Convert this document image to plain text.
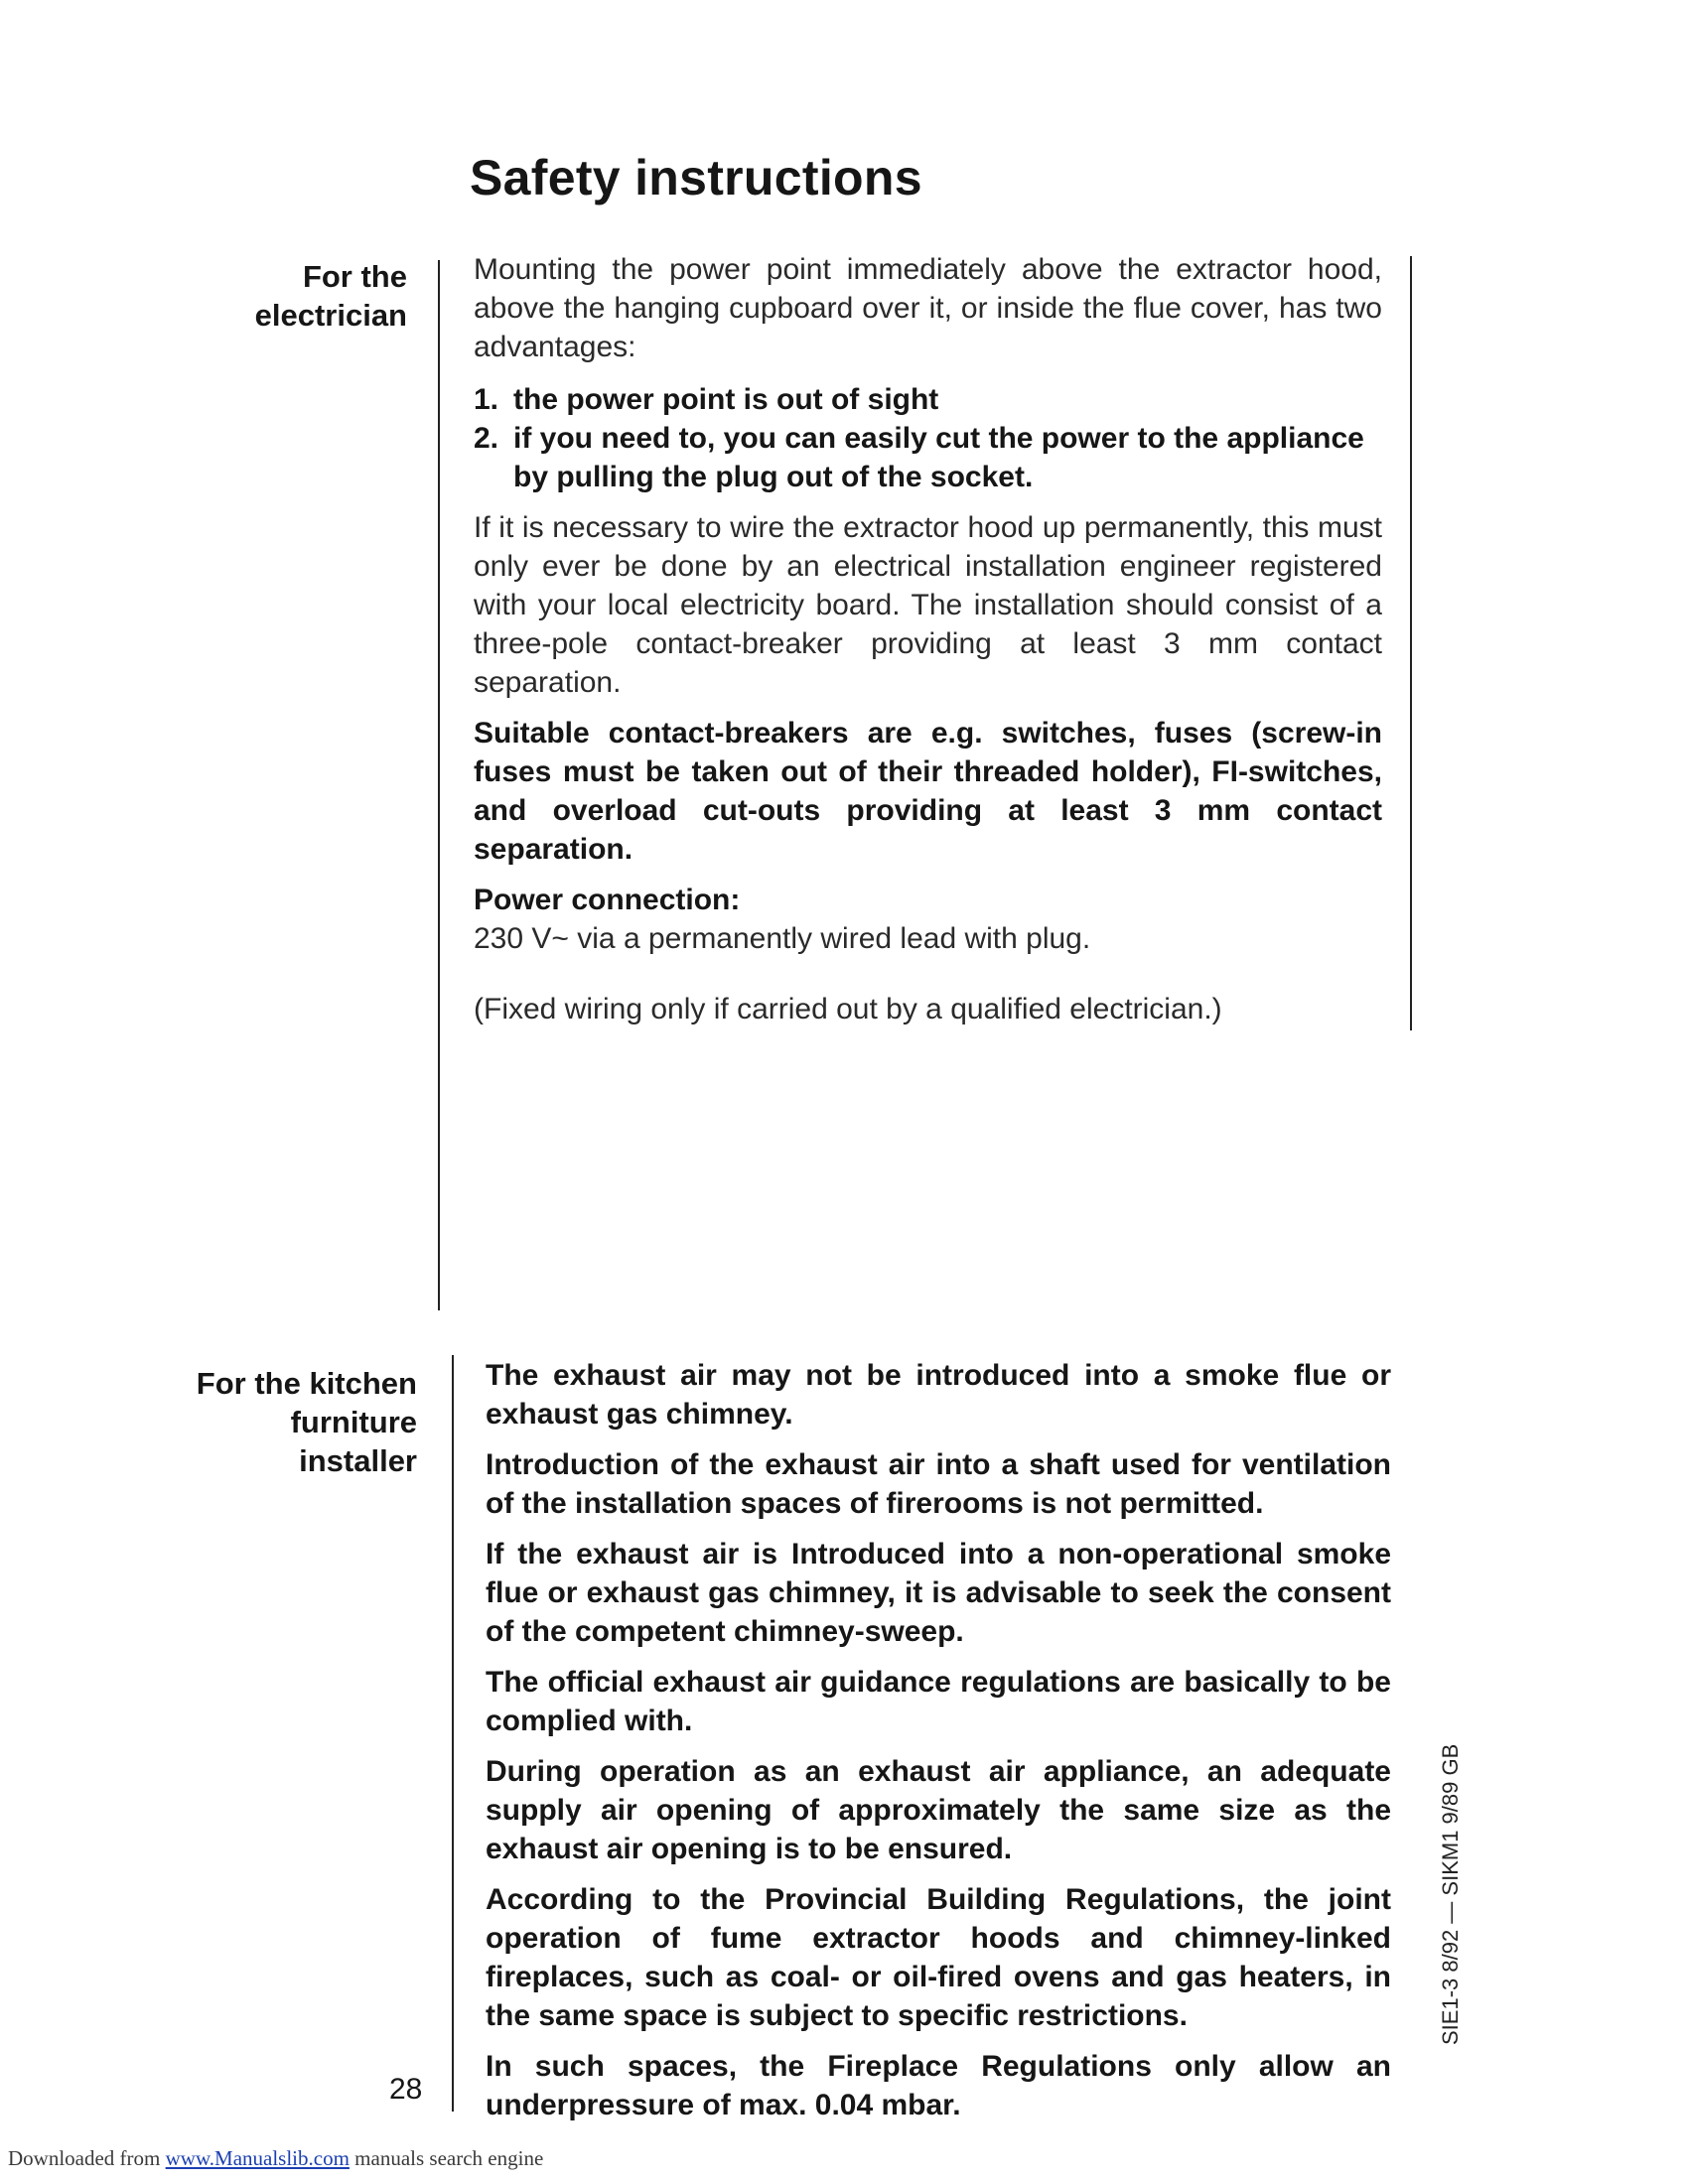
Safety instructions
For the
electrician

Mounting the power point immediately above the extractor hood, above the hanging cupboard over it, or inside the flue cover, has two advantages:

1. the power point is out of sight
2. if you need to, you can easily cut the power to the appliance by pulling the plug out of the socket.

If it is necessary to wire the extractor hood up permanently, this must only ever be done by an electrical installation engineer registered with your local electricity board. The installation should consist of a three-pole contact-breaker providing at least 3 mm contact separation.

Suitable contact-breakers are e.g. switches, fuses (screw-in fuses must be taken out of their threaded holder), FI-switches, and overload cut-outs providing at least 3 mm contact separation.

Power connection:

230 V~ via a permanently wired lead with plug.

(Fixed wiring only if carried out by a qualified electrician.)

For the kitchen
furniture
installer

The exhaust air may not be introduced into a smoke flue or exhaust gas chimney.

Introduction of the exhaust air into a shaft used for ventilation of the installation spaces of firerooms is not permitted.

If the exhaust air is Introduced into a non-operational smoke flue or exhaust gas chimney, it is advisable to seek the consent of the competent chimney-sweep.

The official exhaust air guidance regulations are basically to be complied with.

During operation as an exhaust air appliance, an adequate supply air opening of approximately the same size as the exhaust air opening is to be ensured.

According to the Provincial Building Regulations, the joint operation of fume extractor hoods and chimney-linked fireplaces, such as coal- or oil-fired ovens and gas heaters, in the same space is subject to specific restrictions.

In such spaces, the Fireplace Regulations only allow an underpressure of max. 0.04 mbar.

28

SIE1-3 8/92 — SIKM1 9/89 GB

Downloaded from www.Manualslib.com manuals search engine
